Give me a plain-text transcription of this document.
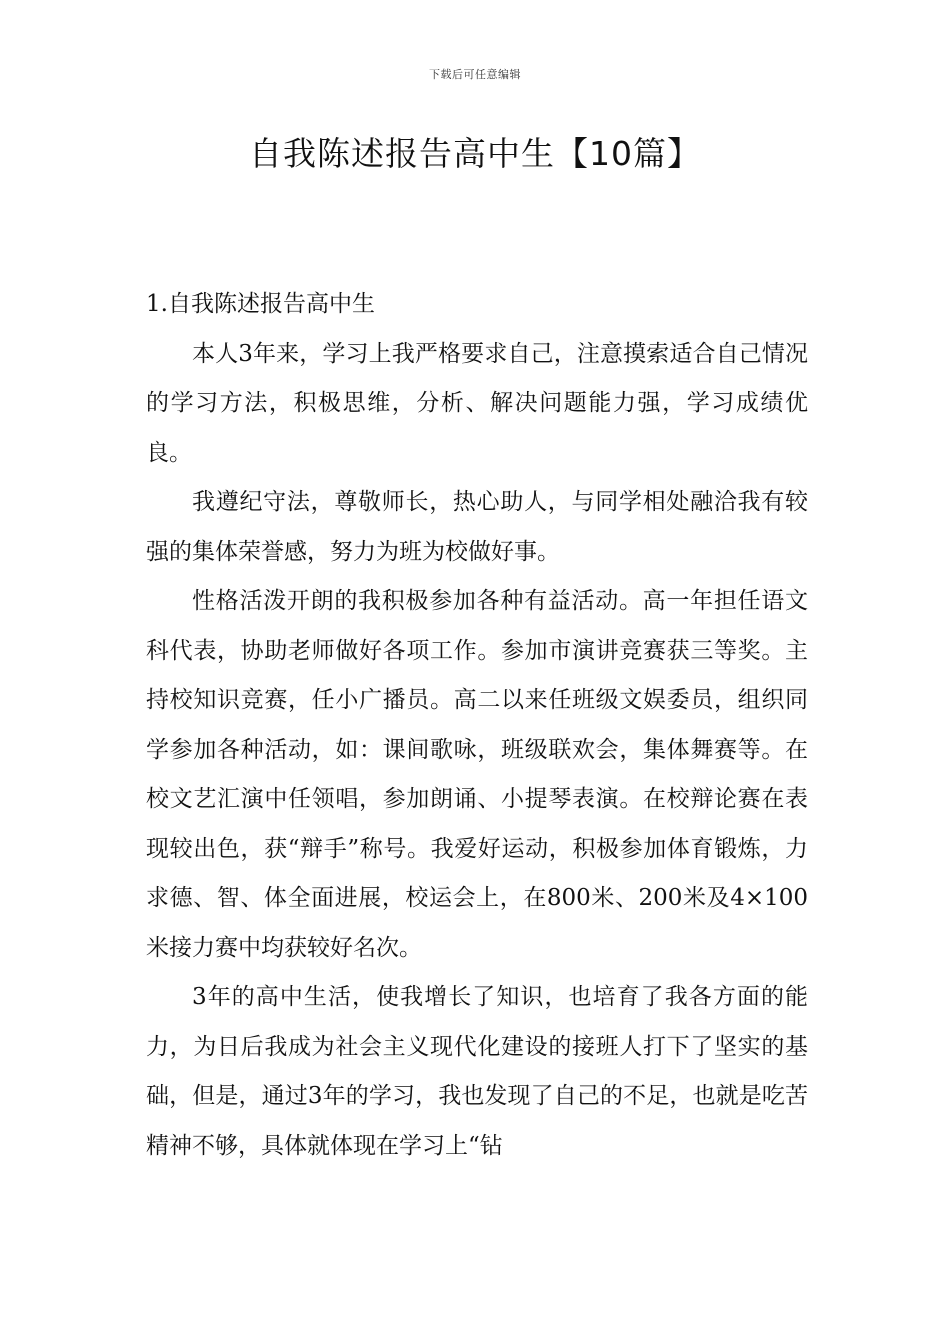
下载后可任意编辑
自我陈述报告高中生【10篇】
1.自我陈述报告高中生

本人3年来，学习上我严格要求自己，注意摸索适合自己情况的学习方法，积极思维，分析、解决问题能力强，学习成绩优良。

我遵纪守法，尊敬师长，热心助人，与同学相处融洽我有较强的集体荣誉感，努力为班为校做好事。

性格活泼开朗的我积极参加各种有益活动。高一年担任语文科代表，协助老师做好各项工作。参加市演讲竞赛获三等奖。主持校知识竞赛，任小广播员。高二以来任班级文娱委员，组织同学参加各种活动，如：课间歌咏，班级联欢会，集体舞赛等。在校文艺汇演中任领唱，参加朗诵、小提琴表演。在校辩论赛在表现较出色，获“辩手”称号。我爱好运动，积极参加体育锻炼，力求德、智、体全面进展，校运会上，在800米、200米及4×100米接力赛中均获较好名次。

3年的高中生活，使我增长了知识，也培育了我各方面的能力，为日后我成为社会主义现代化建设的接班人打下了坚实的基础，但是，通过3年的学习，我也发现了自己的不足，也就是吃苦精神不够，具体就体现在学习上“钻
